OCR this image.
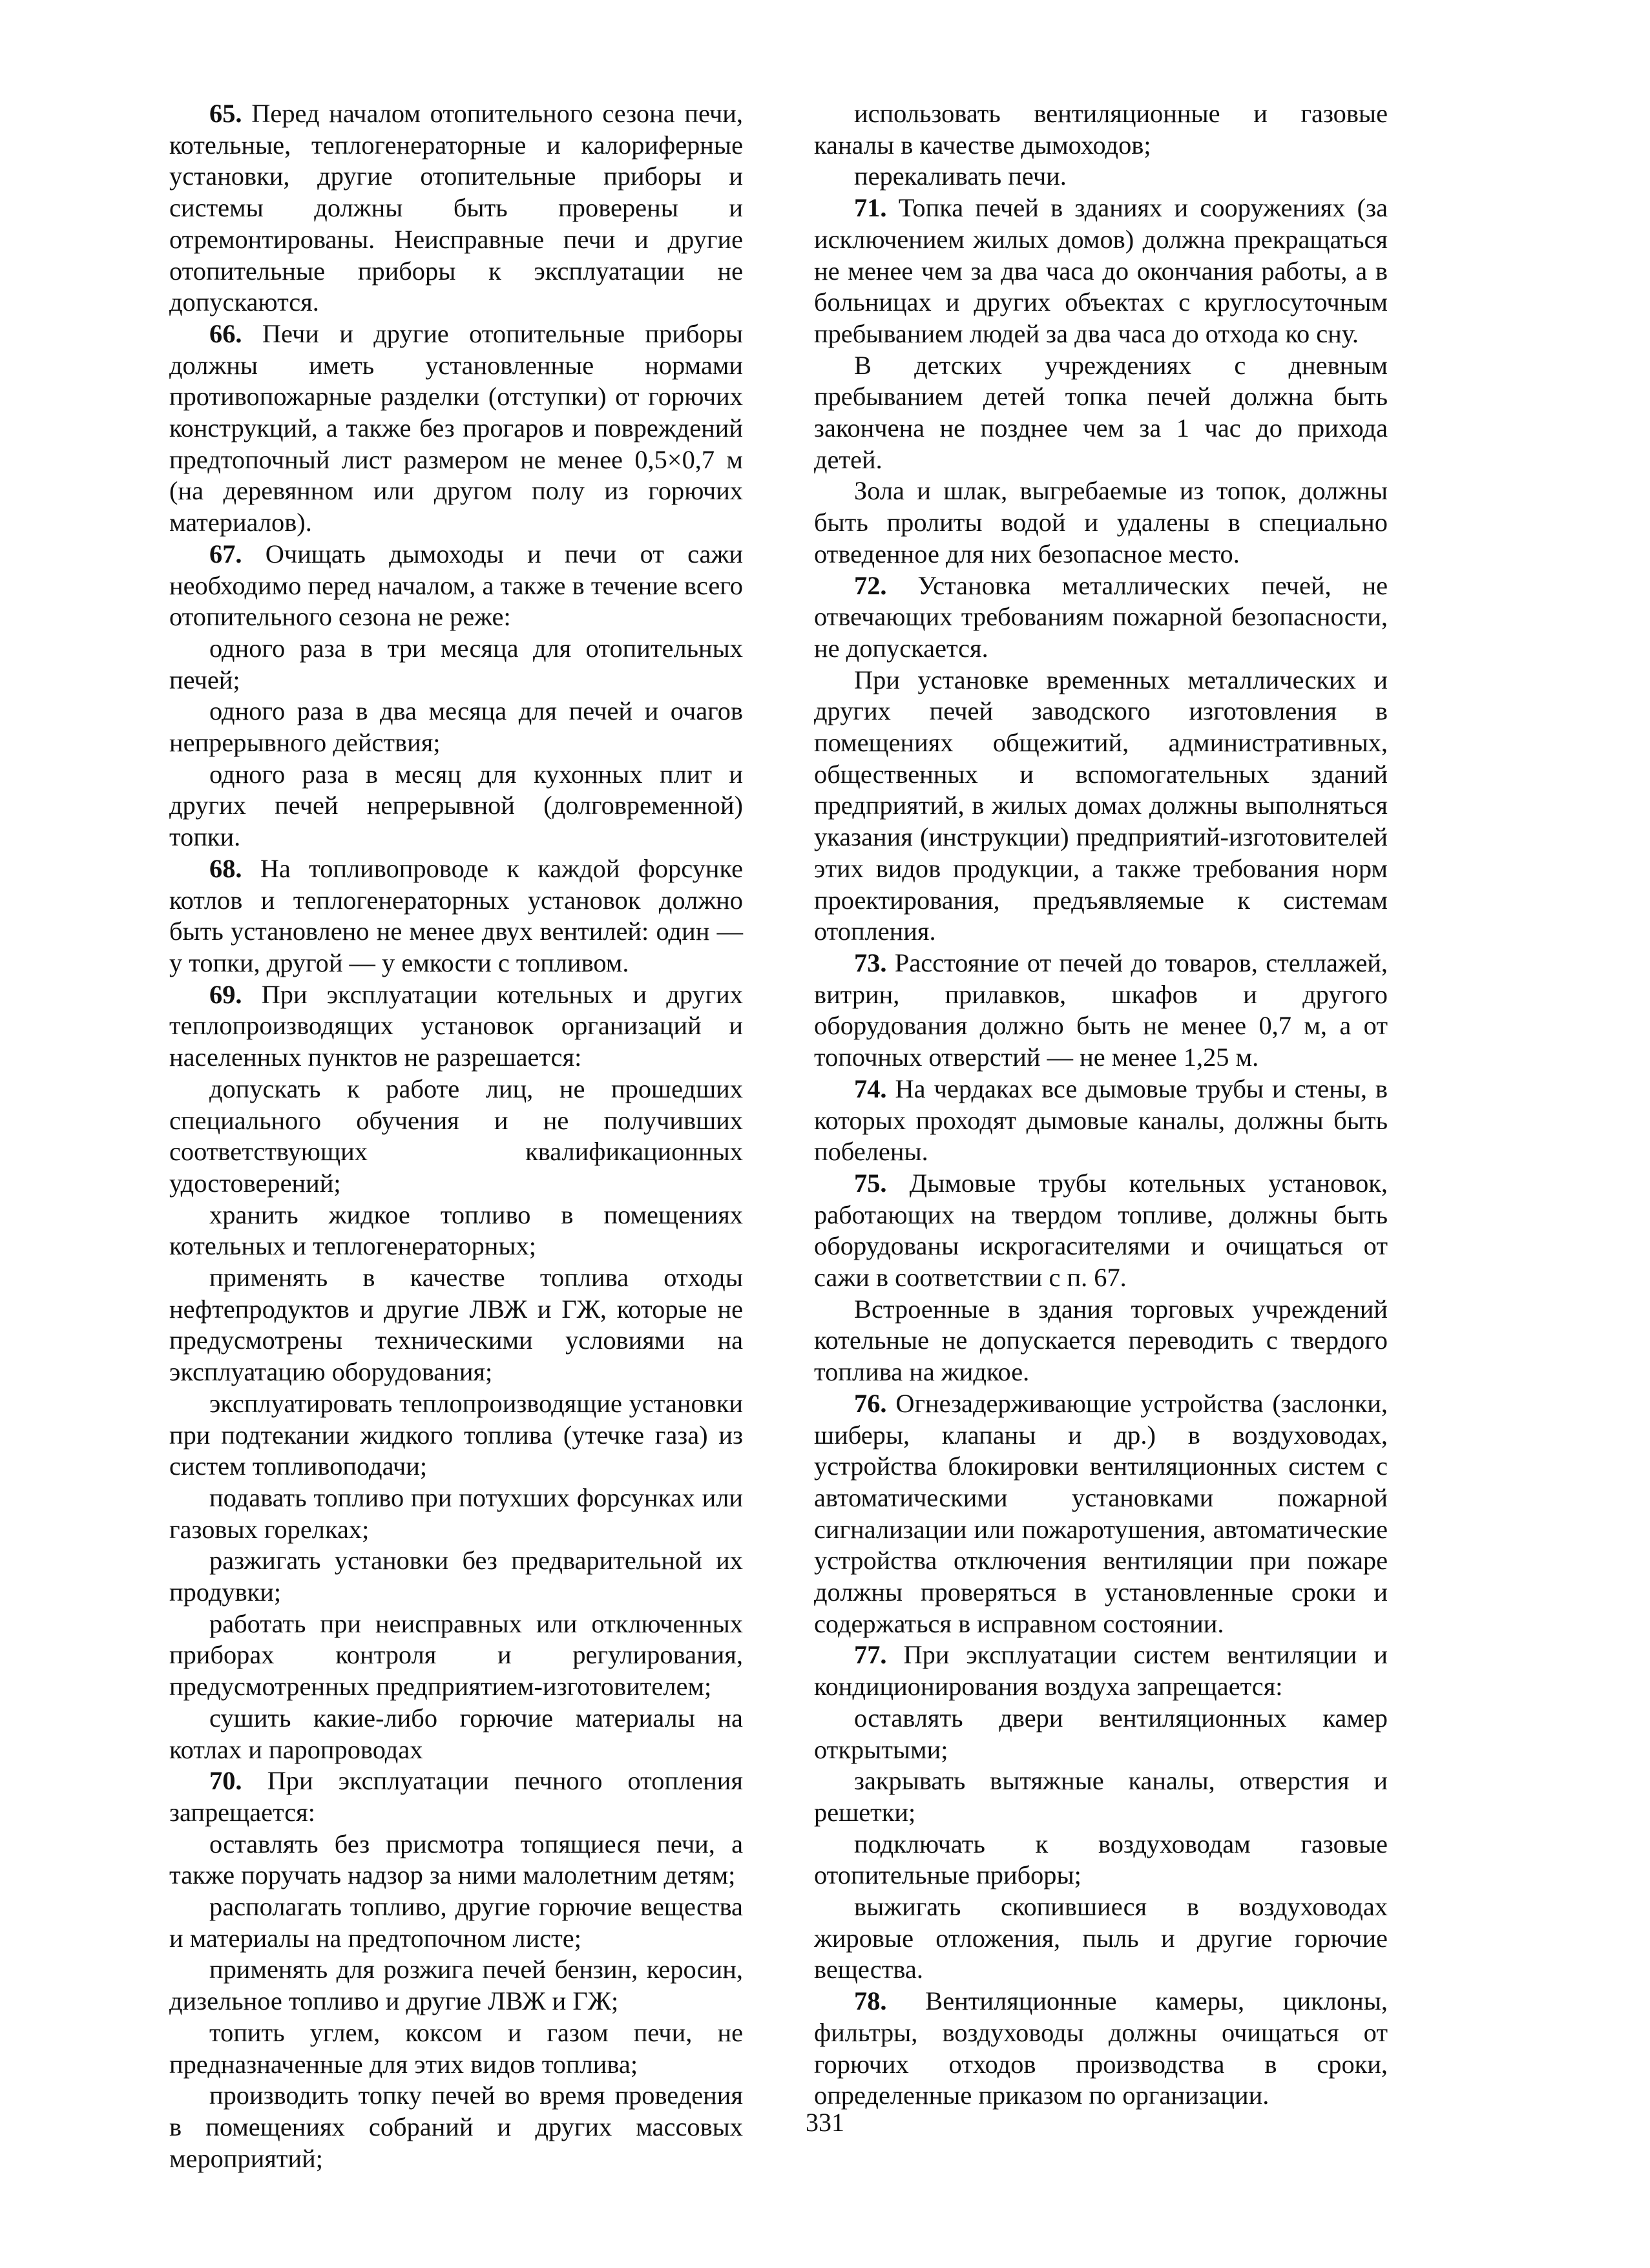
65. Перед началом отопительного сезона печи, котельные, теплогенераторные и калориферные установки, другие отопительные приборы и системы должны быть проверены и отремонтированы. Неисправные печи и другие отопительные приборы к эксплуатации не допускаются.

66. Печи и другие отопительные приборы должны иметь установленные нормами противопожарные разделки (отступки) от горючих конструкций, а также без прогаров и повреждений предтопочный лист размером не менее 0,5×0,7 м (на деревянном или другом полу из горючих материалов).

67. Очищать дымоходы и печи от сажи необходимо перед началом, а также в течение всего отопительного сезона не реже:

одного раза в три месяца для отопительных печей;

одного раза в два месяца для печей и очагов непрерывного действия;

одного раза в месяц для кухонных плит и других печей непрерывной (долговременной) топки.

68. На топливопроводе к каждой форсунке котлов и теплогенераторных установок должно быть установлено не менее двух вентилей: один — у топки, другой — у емкости с топливом.

69. При эксплуатации котельных и других теплопроизводящих установок организаций и населенных пунктов не разрешается:

допускать к работе лиц, не прошедших специального обучения и не получивших соответствующих квалификационных удостоверений;

хранить жидкое топливо в помещениях котельных и теплогенераторных;

применять в качестве топлива отходы нефтепродуктов и другие ЛВЖ и ГЖ, которые не предусмотрены техническими условиями на эксплуатацию оборудования;

эксплуатировать теплопроизводящие установки при подтекании жидкого топлива (утечке газа) из систем топливоподачи;

подавать топливо при потухших форсунках или газовых горелках;

разжигать установки без предварительной их продувки;

работать при неисправных или отключенных приборах контроля и регулирования, предусмотренных предприятием-изготовителем;

сушить какие-либо горючие материалы на котлах и паропроводах

70. При эксплуатации печного отопления запрещается:

оставлять без присмотра топящиеся печи, а также поручать надзор за ними малолетним детям;

располагать топливо, другие горючие вещества и материалы на предтопочном листе;

применять для розжига печей бензин, керосин, дизельное топливо и другие ЛВЖ и ГЖ;

топить углем, коксом и газом печи, не предназначенные для этих видов топлива;

производить топку печей во время проведения в помещениях собраний и других массовых мероприятий;

использовать вентиляционные и газовые каналы в качестве дымоходов;

перекаливать печи.

71. Топка печей в зданиях и сооружениях (за исключением жилых домов) должна прекращаться не менее чем за два часа до окончания работы, а в больницах и других объектах с круглосуточным пребыванием людей за два часа до отхода ко сну.

В детских учреждениях с дневным пребыванием детей топка печей должна быть закончена не позднее чем за 1 час до прихода детей.

Зола и шлак, выгребаемые из топок, должны быть пролиты водой и удалены в специально отведенное для них безопасное место.

72. Установка металлических печей, не отвечающих требованиям пожарной безопасности, не допускается.

При установке временных металлических и других печей заводского изготовления в помещениях общежитий, административных, общественных и вспомогательных зданий предприятий, в жилых домах должны выполняться указания (инструкции) предприятий-изготовителей этих видов продукции, а также требования норм проектирования, предъявляемые к системам отопления.

73. Расстояние от печей до товаров, стеллажей, витрин, прилавков, шкафов и другого оборудования должно быть не менее 0,7 м, а от топочных отверстий — не менее 1,25 м.

74. На чердаках все дымовые трубы и стены, в которых проходят дымовые каналы, должны быть побелены.

75. Дымовые трубы котельных установок, работающих на твердом топливе, должны быть оборудованы искрогасителями и очищаться от сажи в соответствии с п. 67.

Встроенные в здания торговых учреждений котельные не допускается переводить с твердого топлива на жидкое.

76. Огнезадерживающие устройства (заслонки, шиберы, клапаны и др.) в воздуховодах, устройства блокировки вентиляционных систем с автоматическими установками пожарной сигнализации или пожаротушения, автоматические устройства отключения вентиляции при пожаре должны проверяться в установленные сроки и содержаться в исправном состоянии.

77. При эксплуатации систем вентиляции и кондиционирования воздуха запрещается:

оставлять двери вентиляционных камер открытыми;

закрывать вытяжные каналы, отверстия и решетки;

подключать к воздуховодам газовые отопительные приборы;

выжигать скопившиеся в воздуховодах жировые отложения, пыль и другие горючие вещества.

78. Вентиляционные камеры, циклоны, фильтры, воздуховоды должны очищаться от горючих отходов производства в сроки, определенные приказом по организации.

331
